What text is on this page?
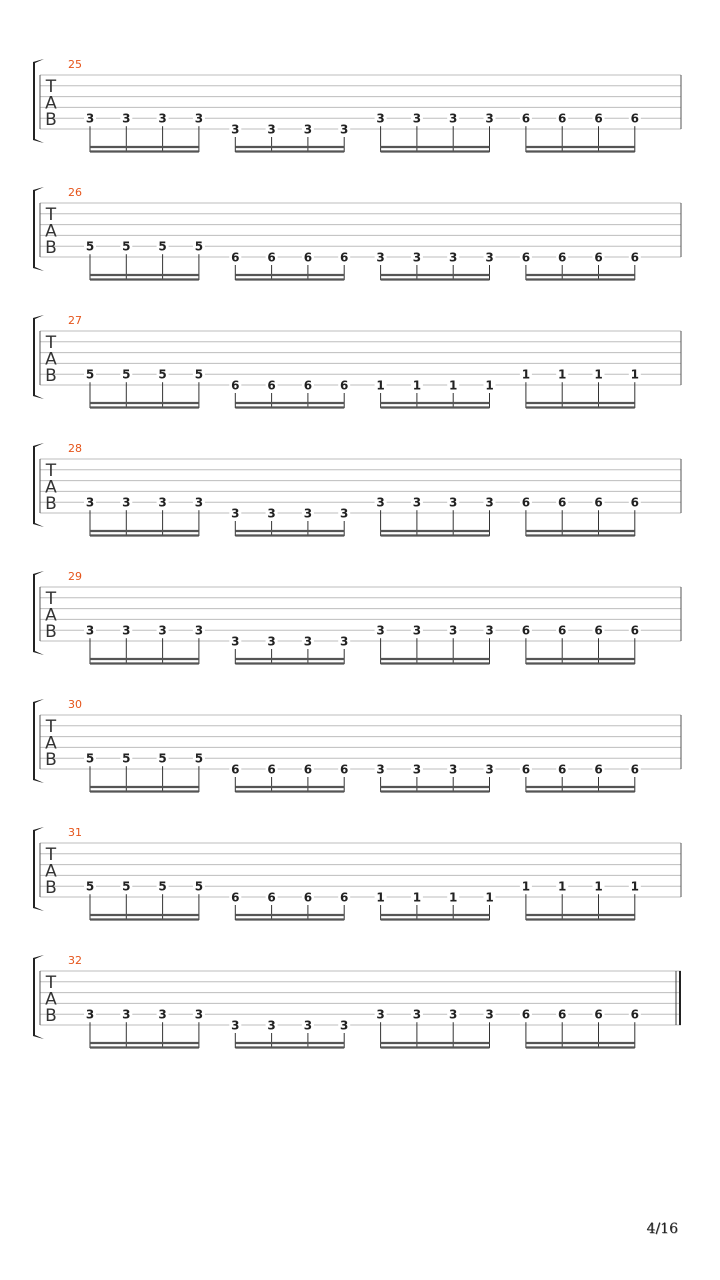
25
T
A
B 3 3 3 3
3 3 3 3
3 3 3 3 6 6 6 6
26
T
A
B 5 5 5 5
6 6 6 6 3 3 3 3 6 6 6 6
27
T
A
B 5 5 5 5
6 6 6 6 1 1 1 1
1 1 1 1
28
T
A
B 3 3 3 3
3 3 3 3
3 3 3 3 6 6 6 6
29
T
A
B 3 3 3 3
3 3 3 3
3 3 3 3 6 6 6 6
30
T
A
B 5 5 5 5
6 6 6 6 3 3 3 3 6 6 6 6
31
T
A
B 5 5 5 5
6 6 6 6 1 1 1 1
1 1 1 1
32
T
A
B 3 3 3 3
3 3 3 3
3 3 3 3 6 6 6 6
4/16
